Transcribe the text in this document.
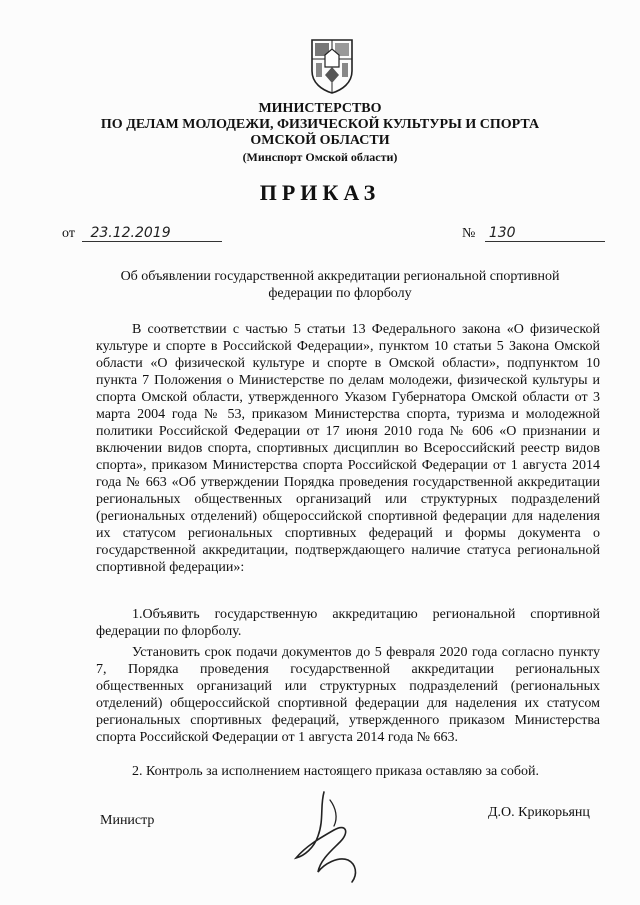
МИНИСТЕРСТВО
ПО ДЕЛАМ МОЛОДЕЖИ, ФИЗИЧЕСКОЙ КУЛЬТУРЫ И СПОРТА
ОМСКОЙ ОБЛАСТИ
(Минспорт Омской области)
ПРИКАЗ
от 23.12.2019	№ 130
Об объявлении государственной аккредитации региональной спортивной федерации по флорболу
В соответствии с частью 5 статьи 13 Федерального закона «О физической культуре и спорте в Российской Федерации», пунктом 10 статьи 5 Закона Омской области «О физической культуре и спорте в Омской области», подпунктом 10 пункта 7 Положения о Министерстве по делам молодежи, физической культуры и спорта Омской области, утвержденного Указом Губернатора Омской области от 3 марта 2004 года № 53, приказом Министерства спорта, туризма и молодежной политики Российской Федерации от 17 июня 2010 года № 606 «О признании и включении видов спорта, спортивных дисциплин во Всероссийский реестр видов спорта», приказом Министерства спорта Российской Федерации от 1 августа 2014 года № 663 «Об утверждении Порядка проведения государственной аккредитации региональных общественных организаций или структурных подразделений (региональных отделений) общероссийской спортивной федерации для наделения их статусом региональных спортивных федераций и формы документа о государственной аккредитации, подтверждающего наличие статуса региональной спортивной федерации»:
1.Объявить государственную аккредитацию региональной спортивной федерации по флорболу.
Установить срок подачи документов до 5 февраля 2020 года согласно пункту 7, Порядка проведения государственной аккредитации региональных общественных организаций или структурных подразделений (региональных отделений) общероссийской спортивной федерации для наделения их статусом региональных спортивных федераций, утвержденного приказом Министерства спорта Российской Федерации от 1 августа 2014 года № 663.
2. Контроль за исполнением настоящего приказа оставляю за собой.
Министр
Д.О. Крикорьянц
